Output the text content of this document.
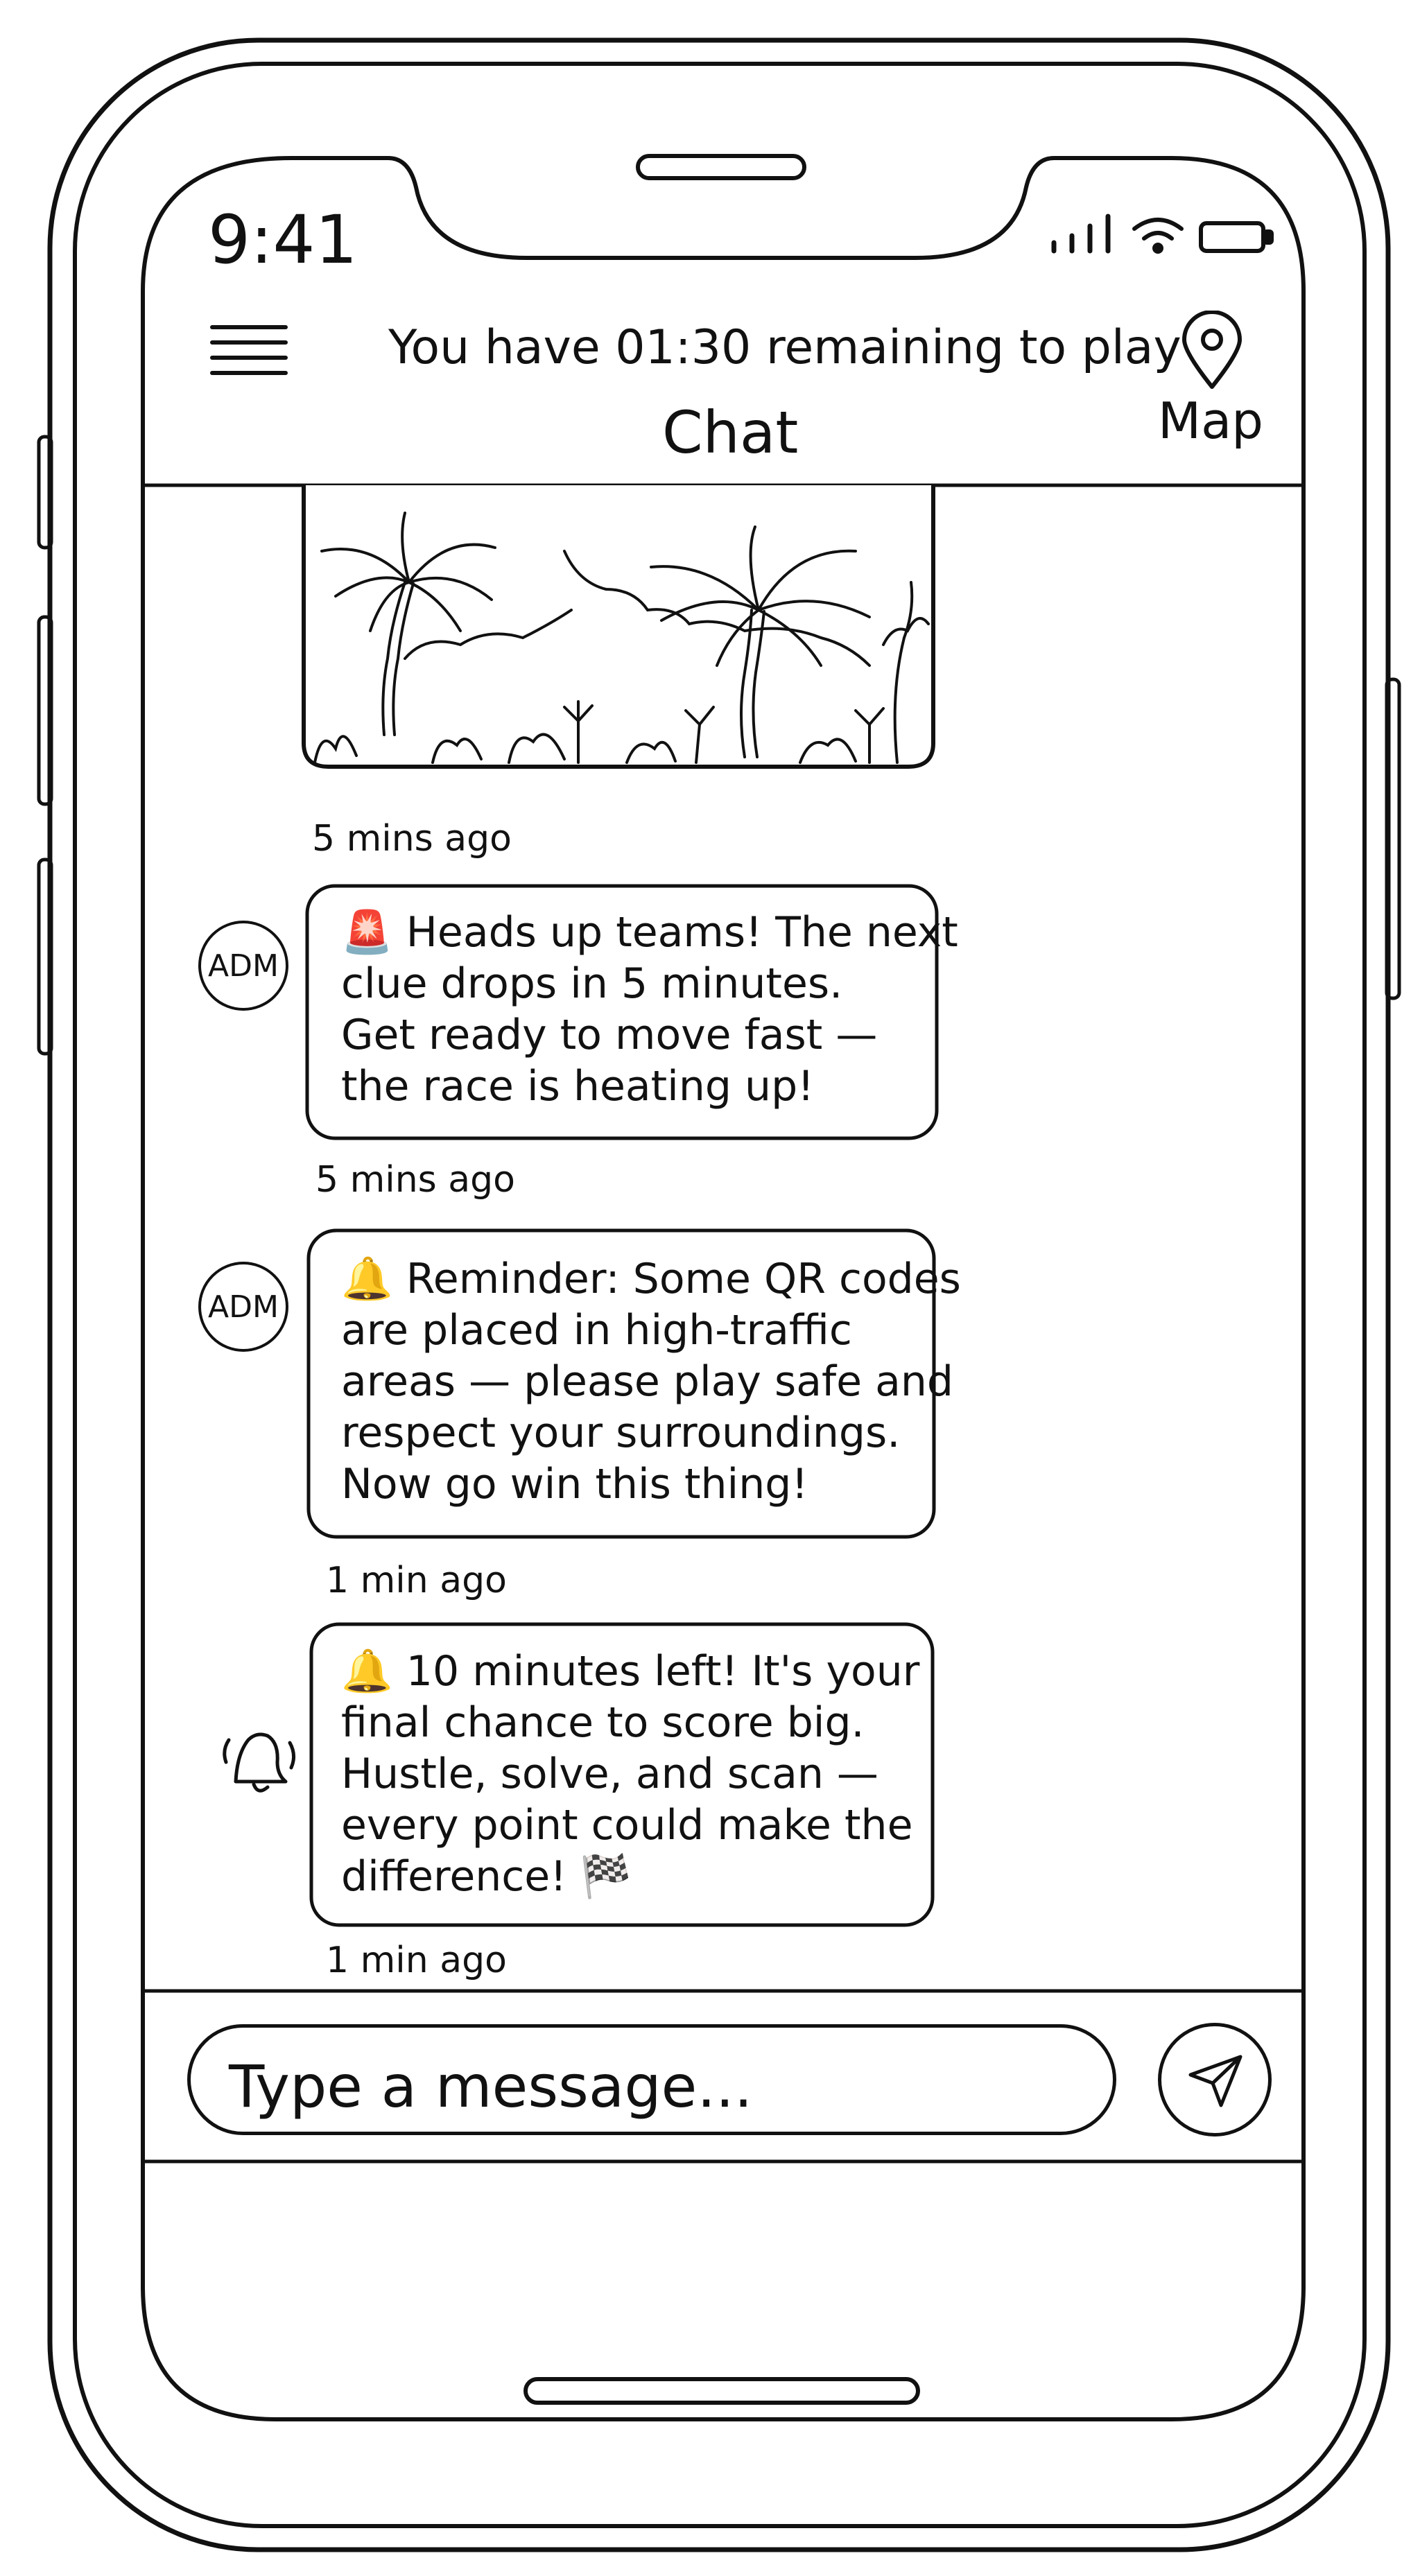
9:41
You have 01:30 remaining to play
Chat	Map
5 mins ago
ADM
🚨 Heads up teams! The next
clue drops in 5 minutes.
Get ready to move fast —
the race is heating up!
5 mins ago
ADM
🔔 Reminder: Some QR codes
are placed in high-traffic
areas — please play safe and
respect your surroundings.
Now go win this thing!
1 min ago
🔔 10 minutes left! It's your
final chance to score big.
Hustle, solve, and scan —
every point could make the
difference! 🏁
1 min ago
Type a message...
